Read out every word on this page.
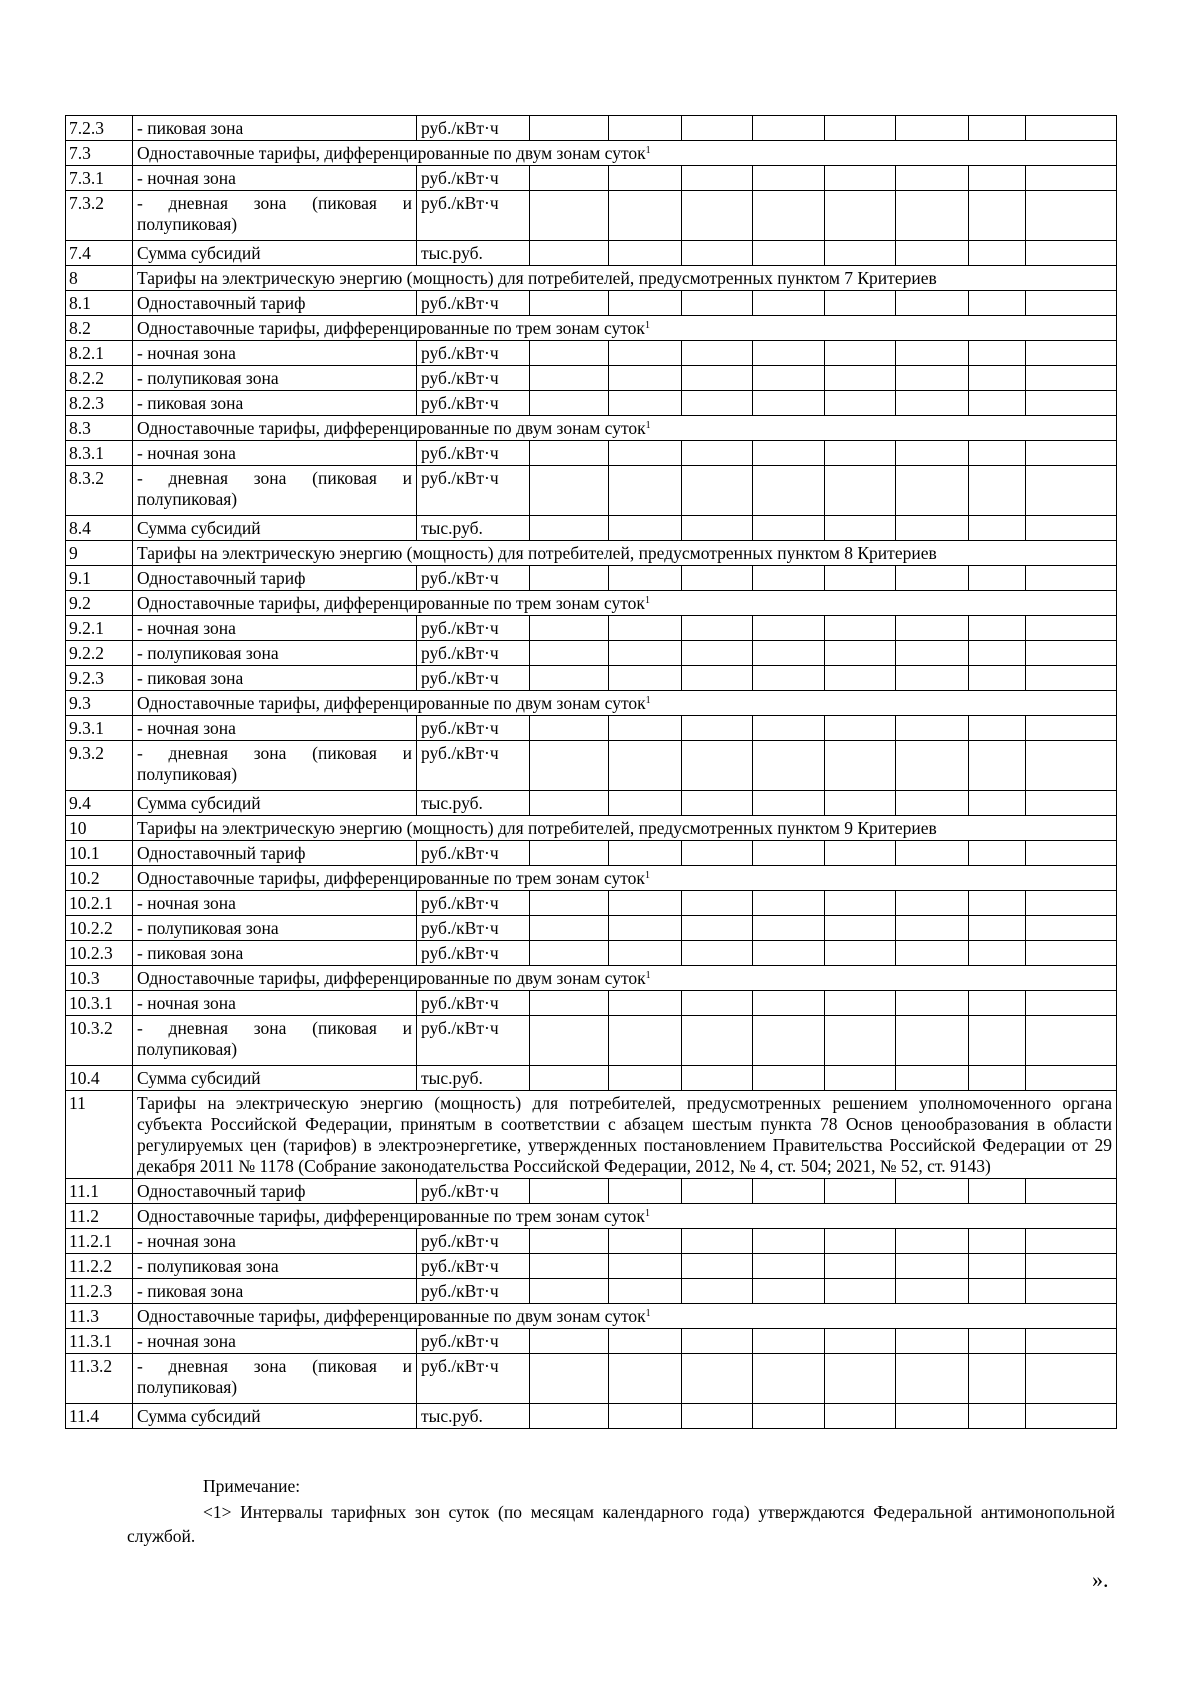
7.2.3	- пиковая зона	руб./кВт·ч								
7.3	Одноставочные тарифы, дифференцированные по двум зонам суток$^1$
7.3.1	- ночная зона	руб./кВт·ч								
7.3.2	- дневная зона (пиковая и полупиковая)	руб./кВт·ч								
7.4	Сумма субсидий	тыс.руб.								
8	Тарифы на электрическую энергию (мощность) для потребителей, предусмотренных пунктом 7 Критериев									
8.1	Одноставочный тариф	руб./кВт·ч								
8.2	Одноставочные тарифы, дифференцированные по трем зонам суток$^1$
8.2.1	- ночная зона	руб./кВт·ч								
8.2.2	- полупиковая зона	руб./кВт·ч								
8.2.3	- пиковая зона	руб./кВт·ч								
8.3	Одноставочные тарифы, дифференцированные по двум зонам суток$^1$
8.3.1	- ночная зона	руб./кВт·ч								
8.3.2	- дневная зона (пиковая и полупиковая)	руб./кВт·ч								
8.4	Сумма субсидий	тыс.руб.								
9	Тарифы на электрическую энергию (мощность) для потребителей, предусмотренных пунктом 8 Критериев									
9.1	Одноставочный тариф	руб./кВт·ч								
9.2	Одноставочные тарифы, дифференцированные по трем зонам суток$^1$
9.2.1	- ночная зона	руб./кВт·ч								
9.2.2	- полупиковая зона	руб./кВт·ч								
9.2.3	- пиковая зона	руб./кВт·ч								
9.3	Одноставочные тарифы, дифференцированные по двум зонам суток$^1$
9.3.1	- ночная зона	руб./кВт·ч								
9.3.2	- дневная зона (пиковая и полупиковая)	руб./кВт·ч								
9.4	Сумма субсидий	тыс.руб.								
10	Тарифы на электрическую энергию (мощность) для потребителей, предусмотренных пунктом 9 Критериев									
10.1	Одноставочный тариф	руб./кВт·ч								
10.2	Одноставочные тарифы, дифференцированные по трем зонам суток$^1$
10.2.1	- ночная зона	руб./кВт·ч								
10.2.2	- полупиковая зона	руб./кВт·ч								
10.2.3	- пиковая зона	руб./кВт·ч								
10.3	Одноставочные тарифы, дифференцированные по двум зонам суток$^1$
10.3.1	- ночная зона	руб./кВт·ч								
10.3.2	- дневная зона (пиковая и полупиковая)	руб./кВт·ч								
10.4	Сумма субсидий	тыс.руб.								
11	Тарифы на электрическую энергию (мощность) для потребителей, предусмотренных решением уполномоченного органа субъекта Российской Федерации, принятым в соответствии с абзацем шестым пункта 78 Основ ценообразования в области регулируемых цен (тарифов) в электроэнергетике, утвержденных постановлением Правительства Российской Федерации от 29 декабря 2011 № 1178 (Собрание законодательства Российской Федерации, 2012, № 4, ст. 504; 2021, № 52, ст. 9143)									
11.1	Одноставочный тариф	руб./кВт·ч								
11.2	Одноставочные тарифы, дифференцированные по трем зонам суток$^1$
11.2.1	- ночная зона	руб./кВт·ч								
11.2.2	- полупиковая зона	руб./кВт·ч								
11.2.3	- пиковая зона	руб./кВт·ч								
11.3	Одноставочные тарифы, дифференцированные по двум зонам суток$^1$
11.3.1	- ночная зона	руб./кВт·ч								
11.3.2	- дневная зона (пиковая и полупиковая)	руб./кВт·ч								
11.4	Сумма субсидий	тыс.руб.								

Примечание:

<1> Интервалы тарифных зон суток (по месяцам календарного года) утверждаются Федеральной антимонопольной службой.

».
